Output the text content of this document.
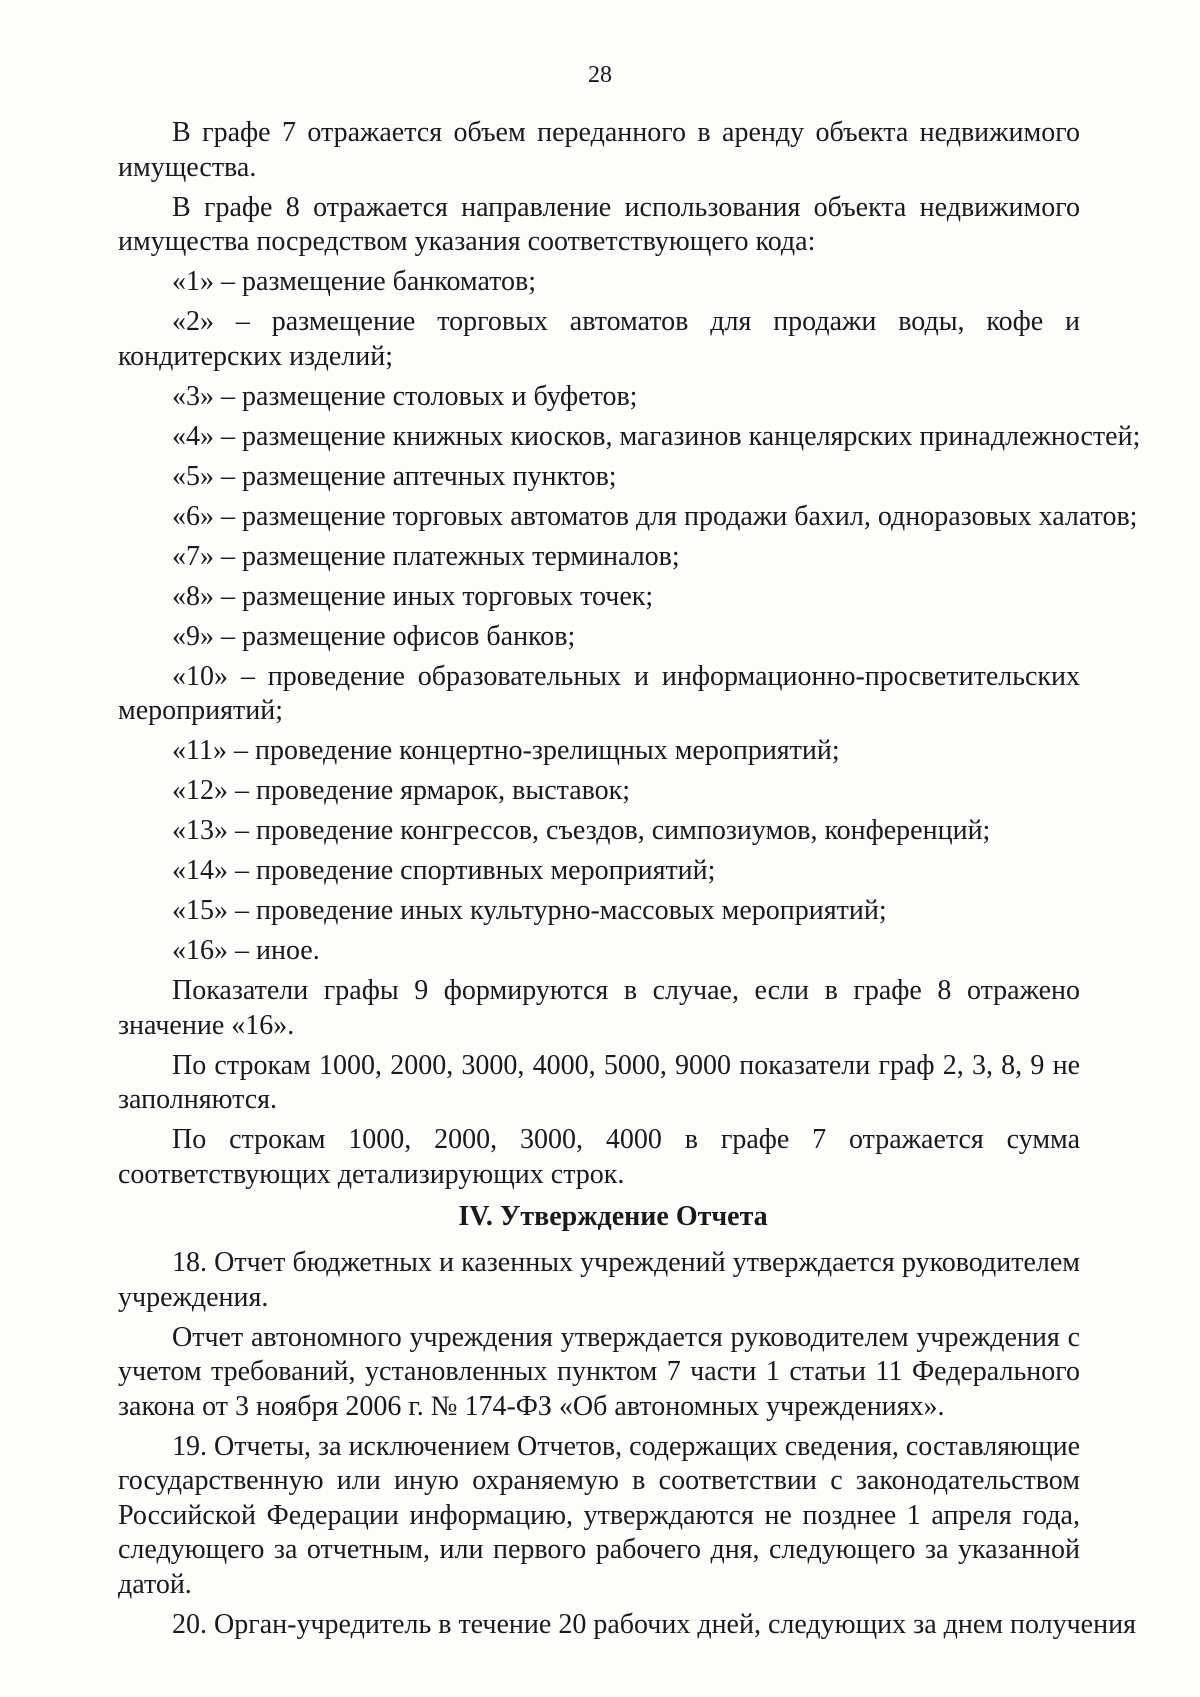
28

В графе 7 отражается объем переданного в аренду объекта недвижимого имущества.

В графе 8 отражается направление использования объекта недвижимого имущества посредством указания соответствующего кода:

«1» – размещение банкоматов;

«2» – размещение торговых автоматов для продажи воды, кофе и кондитерских изделий;

«3» – размещение столовых и буфетов;

«4» – размещение книжных киосков, магазинов канцелярских принадлежностей;

«5» – размещение аптечных пунктов;

«6» – размещение торговых автоматов для продажи бахил, одноразовых халатов;

«7» – размещение платежных терминалов;

«8» – размещение иных торговых точек;

«9» – размещение офисов банков;

«10» – проведение образовательных и информационно-просветительских мероприятий;

«11» – проведение концертно-зрелищных мероприятий;

«12» – проведение ярмарок, выставок;

«13» – проведение конгрессов, съездов, симпозиумов, конференций;

«14» – проведение спортивных мероприятий;

«15» – проведение иных культурно-массовых мероприятий;

«16» – иное.

Показатели графы 9 формируются в случае, если в графе 8 отражено значение «16».

По строкам 1000, 2000, 3000, 4000, 5000, 9000 показатели граф 2, 3, 8, 9 не заполняются.

По строкам 1000, 2000, 3000, 4000 в графе 7 отражается сумма соответствующих детализирующих строк.

IV. Утверждение Отчета

18. Отчет бюджетных и казенных учреждений утверждается руководителем учреждения.

Отчет автономного учреждения утверждается руководителем учреждения с учетом требований, установленных пунктом 7 части 1 статьи 11 Федерального закона от 3 ноября 2006 г. № 174-ФЗ «Об автономных учреждениях».

19. Отчеты, за исключением Отчетов, содержащих сведения, составляющие государственную или иную охраняемую в соответствии с законодательством Российской Федерации информацию, утверждаются не позднее 1 апреля года, следующего за отчетным, или первого рабочего дня, следующего за указанной датой.

20. Орган-учредитель в течение 20 рабочих дней, следующих за днем получения
